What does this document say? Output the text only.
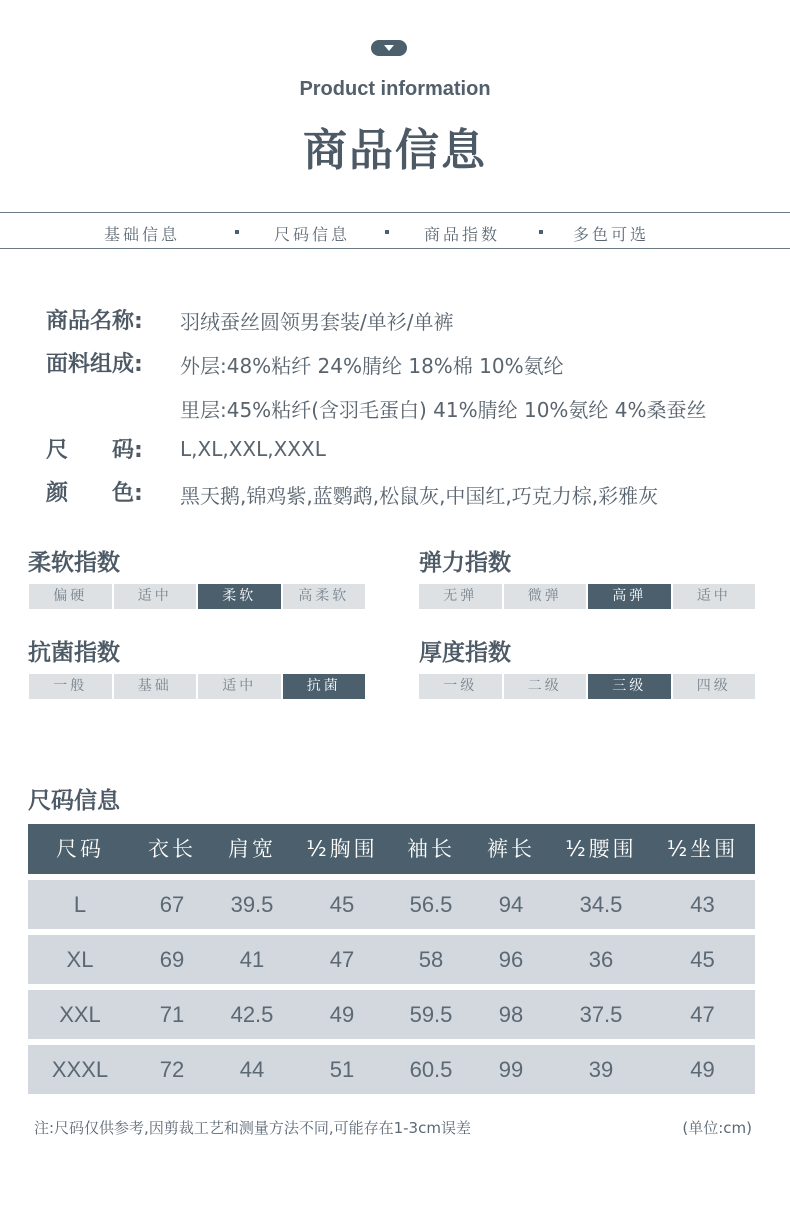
Product information
商品信息
基础信息	尺码信息	商品指数	多色可选
商品名称: 羽绒蚕丝圆领男套装/单衫/单裤
面料组成: 外层:48%粘纤 24%腈纶 18%棉 10%氨纶
里层:45%粘纤(含羽毛蛋白) 41%腈纶 10%氨纶 4%桑蚕丝
尺　　码: L,XL,XXL,XXXL
颜　　色: 黑天鹅,锦鸡紫,蓝鹦鹉,松鼠灰,中国红,巧克力棕,彩雅灰
柔软指数
偏硬	适中	柔软	高柔软
弹力指数
无弹	微弹	高弹	适中
抗菌指数
一般	基础	适中	抗菌
厚度指数
一级	二级	三级	四级
尺码信息
尺码	衣长	肩宽	½胸围	袖长	裤长	½腰围	½坐围
L	67	39.5	45	56.5	94	34.5	43
XL	69	41	47	58	96	36	45
XXL	71	42.5	49	59.5	98	37.5	47
XXXL	72	44	51	60.5	99	39	49
注:尺码仅供参考,因剪裁工艺和测量方法不同,可能存在1-3cm误差	(单位:cm)
